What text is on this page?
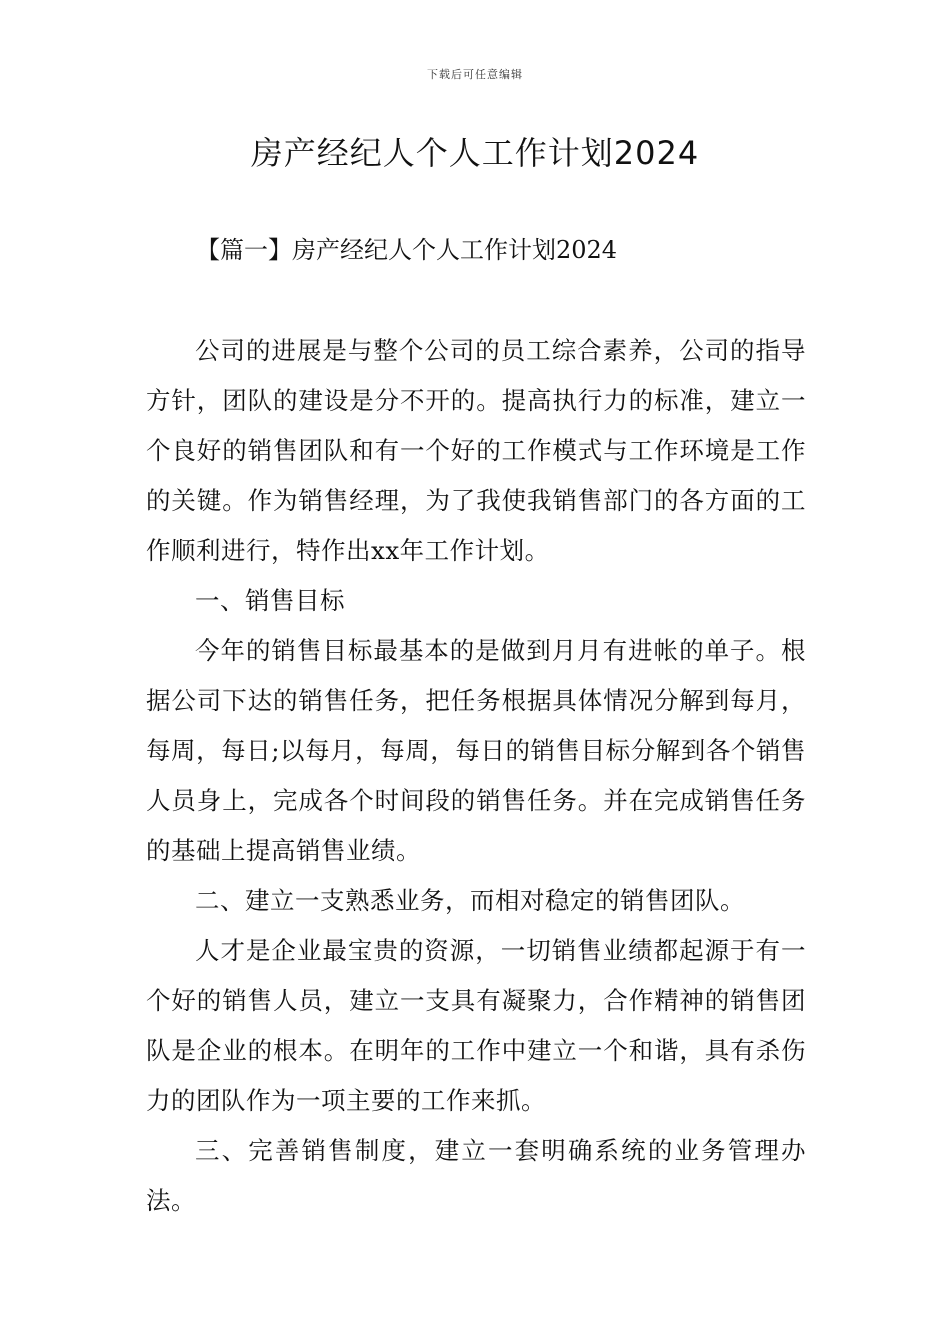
下载后可任意编辑
房产经纪人个人工作计划2024
【篇一】房产经纪人个人工作计划2024

公司的进展是与整个公司的员工综合素养，公司的指导方针，团队的建设是分不开的。提高执行力的标准，建立一个良好的销售团队和有一个好的工作模式与工作环境是工作的关键。作为销售经理，为了我使我销售部门的各方面的工作顺利进行，特作出xx年工作计划。

一、销售目标

今年的销售目标最基本的是做到月月有进帐的单子。根据公司下达的销售任务，把任务根据具体情况分解到每月，每周，每日;以每月，每周，每日的销售目标分解到各个销售人员身上，完成各个时间段的销售任务。并在完成销售任务的基础上提高销售业绩。

二、建立一支熟悉业务，而相对稳定的销售团队。

人才是企业最宝贵的资源，一切销售业绩都起源于有一个好的销售人员，建立一支具有凝聚力，合作精神的销售团队是企业的根本。在明年的工作中建立一个和谐，具有杀伤力的团队作为一项主要的工作来抓。

三、完善销售制度，建立一套明确系统的业务管理办法。
